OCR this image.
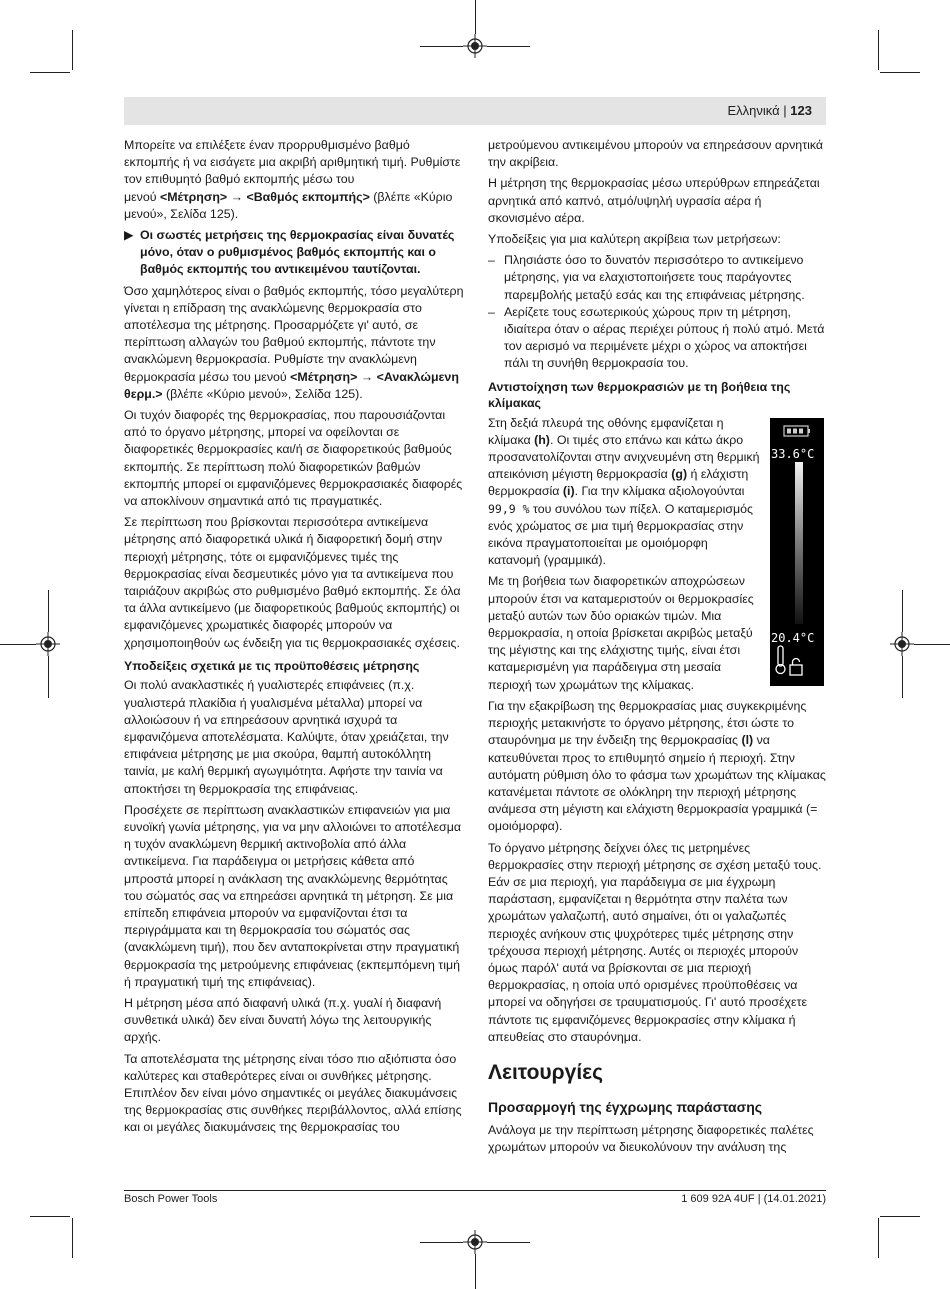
Ελληνικά | 123

Μπορείτε να επιλέξετε έναν προρρυθμισμένο βαθμό εκπομπής ή να εισάγετε μια ακριβή αριθμητική τιμή. Ρυθμίστε τον επιθυμητό βαθμό εκπομπής μέσω του
μενού <Μέτρηση> → <Βαθμός εκπομπής> (βλέπε «Κύριο μενού», Σελίδα 125).

▶ Οι σωστές μετρήσεις της θερμοκρασίας είναι δυνατές μόνο, όταν ο ρυθμισμένος βαθμός εκπομπής και ο βαθμός εκπομπής του αντικειμένου ταυτίζονται.

Όσο χαμηλότερος είναι ο βαθμός εκπομπής, τόσο μεγαλύτερη γίνεται η επίδραση της ανακλώμενης θερμοκρασία στο αποτέλεσμα της μέτρησης. Προσαρμόζετε γι' αυτό, σε περίπτωση αλλαγών του βαθμού εκπομπής, πάντοτε την ανακλώμενη θερμοκρασία. Ρυθμίστε την ανακλώμενη θερμοκρασία μέσω του μενού <Μέτρηση> → <Ανακλώμενη θερμ.> (βλέπε «Κύριο μενού», Σελίδα 125).

Οι τυχόν διαφορές της θερμοκρασίας, που παρουσιάζονται από το όργανο μέτρησης, μπορεί να οφείλονται σε διαφορετικές θερμοκρασίες και/ή σε διαφορετικούς βαθμούς εκπομπής. Σε περίπτωση πολύ διαφορετικών βαθμών εκπομπής μπορεί οι εμφανιζόμενες θερμοκρασιακές διαφορές να αποκλίνουν σημαντικά από τις πραγματικές.

Σε περίπτωση που βρίσκονται περισσότερα αντικείμενα μέτρησης από διαφορετικά υλικά ή διαφορετική δομή στην περιοχή μέτρησης, τότε οι εμφανιζόμενες τιμές της θερμοκρασίας είναι δεσμευτικές μόνο για τα αντικείμενα που ταιριάζουν ακριβώς στο ρυθμισμένο βαθμό εκπομπής. Σε όλα τα άλλα αντικείμενο (με διαφορετικούς βαθμούς εκπομπής) οι εμφανιζόμενες χρωματικές διαφορές μπορούν να χρησιμοποιηθούν ως ένδειξη για τις θερμοκρασιακές σχέσεις.

Υποδείξεις σχετικά με τις προϋποθέσεις μέτρησης

Οι πολύ ανακλαστικές ή γυαλιστερές επιφάνειες (π.χ. γυαλιστερά πλακίδια ή γυαλισμένα μέταλλα) μπορεί να αλλοιώσουν ή να επηρεάσουν αρνητικά ισχυρά τα εμφανιζόμενα αποτελέσματα. Καλύψτε, όταν χρειάζεται, την επιφάνεια μέτρησης με μια σκούρα, θαμπή αυτοκόλλητη ταινία, με καλή θερμική αγωγιμότητα. Αφήστε την ταινία να αποκτήσει τη θερμοκρασία της επιφάνειας.

Προσέχετε σε περίπτωση ανακλαστικών επιφανειών για μια ευνοϊκή γωνία μέτρησης, για να μην αλλοιώνει το αποτέλεσμα η τυχόν ανακλώμενη θερμική ακτινοβολία από άλλα αντικείμενα. Για παράδειγμα οι μετρήσεις κάθετα από μπροστά μπορεί η ανάκλαση της ανακλώμενης θερμότητας του σώματός σας να επηρεάσει αρνητικά τη μέτρηση. Σε μια επίπεδη επιφάνεια μπορούν να εμφανίζονται έτσι τα περιγράμματα και τη θερμοκρασία του σώματός σας (ανακλώμενη τιμή), που δεν ανταποκρίνεται στην πραγματική θερμοκρασία της μετρούμενης επιφάνειας (εκπεμπόμενη τιμή ή πραγματική τιμή της επιφάνειας).

Η μέτρηση μέσα από διαφανή υλικά (π.χ. γυαλί ή διαφανή συνθετικά υλικά) δεν είναι δυνατή λόγω της λειτουργικής αρχής.

Τα αποτελέσματα της μέτρησης είναι τόσο πιο αξιόπιστα όσο καλύτερες και σταθερότερες είναι οι συνθήκες μέτρησης. Επιπλέον δεν είναι μόνο σημαντικές οι μεγάλες διακυμάνσεις της θερμοκρασίας στις συνθήκες περιβάλλοντος, αλλά επίσης και οι μεγάλες διακυμάνσεις της θερμοκρασίας του

μετρούμενου αντικειμένου μπορούν να επηρεάσουν αρνητικά την ακρίβεια.

Η μέτρηση της θερμοκρασίας μέσω υπερύθρων επηρεάζεται αρνητικά από καπνό, ατμό/υψηλή υγρασία αέρα ή σκονισμένο αέρα.

Υποδείξεις για μια καλύτερη ακρίβεια των μετρήσεων:

– Πλησιάστε όσο το δυνατόν περισσότερο το αντικείμενο μέτρησης, για να ελαχιστοποιήσετε τους παράγοντες παρεμβολής μεταξύ εσάς και της επιφάνειας μέτρησης.
– Αερίζετε τους εσωτερικούς χώρους πριν τη μέτρηση, ιδιαίτερα όταν ο αέρας περιέχει ρύπους ή πολύ ατμό. Μετά τον αερισμό να περιμένετε μέχρι ο χώρος να αποκτήσει πάλι τη συνήθη θερμοκρασία του.
Αντιστοίχηση των θερμοκρασιών με τη βοήθεια της κλίμακας

Στη δεξιά πλευρά της οθόνης εμφανίζεται η κλίμακα (h). Οι τιμές στο επάνω και κάτω άκρο προσανατολίζονται στην ανιχνευμένη στη θερμική απεικόνιση μέγιστη θερμοκρασία (g) ή ελάχιστη θερμοκρασία (i). Για την κλίμακα αξιολογούνται 99,9 % του συνόλου των πίξελ. Ο καταμερισμός ενός χρώματος σε μια τιμή θερμοκρασίας στην εικόνα πραγματοποιείται με ομοιόμορφη κατανομή (γραμμικά).

Με τη βοήθεια των διαφορετικών αποχρώσεων μπορούν έτσι να καταμεριστούν οι θερμοκρασίες μεταξύ αυτών των δύο οριακών τιμών. Μια θερμοκρασία, η οποία βρίσκεται ακριβώς μεταξύ της μέγιστης και της ελάχιστης τιμής, είναι έτσι καταμερισμένη για παράδειγμα στη μεσαία περιοχή των χρωμάτων της κλίμακας.

33.6°C
20.4°C

Για την εξακρίβωση της θερμοκρασίας μιας συγκεκριμένης περιοχής μετακινήστε το όργανο μέτρησης, έτσι ώστε το σταυρόνημα με την ένδειξη της θερμοκρασίας (l) να κατευθύνεται προς το επιθυμητό σημείο ή περιοχή. Στην αυτόματη ρύθμιση όλο το φάσμα των χρωμάτων της κλίμακας κατανέμεται πάντοτε σε ολόκληρη την περιοχή μέτρησης ανάμεσα στη μέγιστη και ελάχιστη θερμοκρασία γραμμικά (= ομοιόμορφα).

Το όργανο μέτρησης δείχνει όλες τις μετρημένες θερμοκρασίες στην περιοχή μέτρησης σε σχέση μεταξύ τους. Εάν σε μια περιοχή, για παράδειγμα σε μια έγχρωμη παράσταση, εμφανίζεται η θερμότητα στην παλέτα των χρωμάτων γαλαζωπή, αυτό σημαίνει, ότι οι γαλαζωπές περιοχές ανήκουν στις ψυχρότερες τιμές μέτρησης στην τρέχουσα περιοχή μέτρησης. Αυτές οι περιοχές μπορούν όμως παρόλ' αυτά να βρίσκονται σε μια περιοχή θερμοκρασίας, η οποία υπό ορισμένες προϋποθέσεις να μπορεί να οδηγήσει σε τραυματισμούς. Γι' αυτό προσέχετε πάντοτε τις εμφανιζόμενες θερμοκρασίες στην κλίμακα ή απευθείας στο σταυρόνημα.

Λειτουργίες
Προσαρμογή της έγχρωμης παράστασης

Ανάλογα με την περίπτωση μέτρησης διαφορετικές παλέτες χρωμάτων μπορούν να διευκολύνουν την ανάλυση της

Bosch Power Tools	1 609 92A 4UF | (14.01.2021)
